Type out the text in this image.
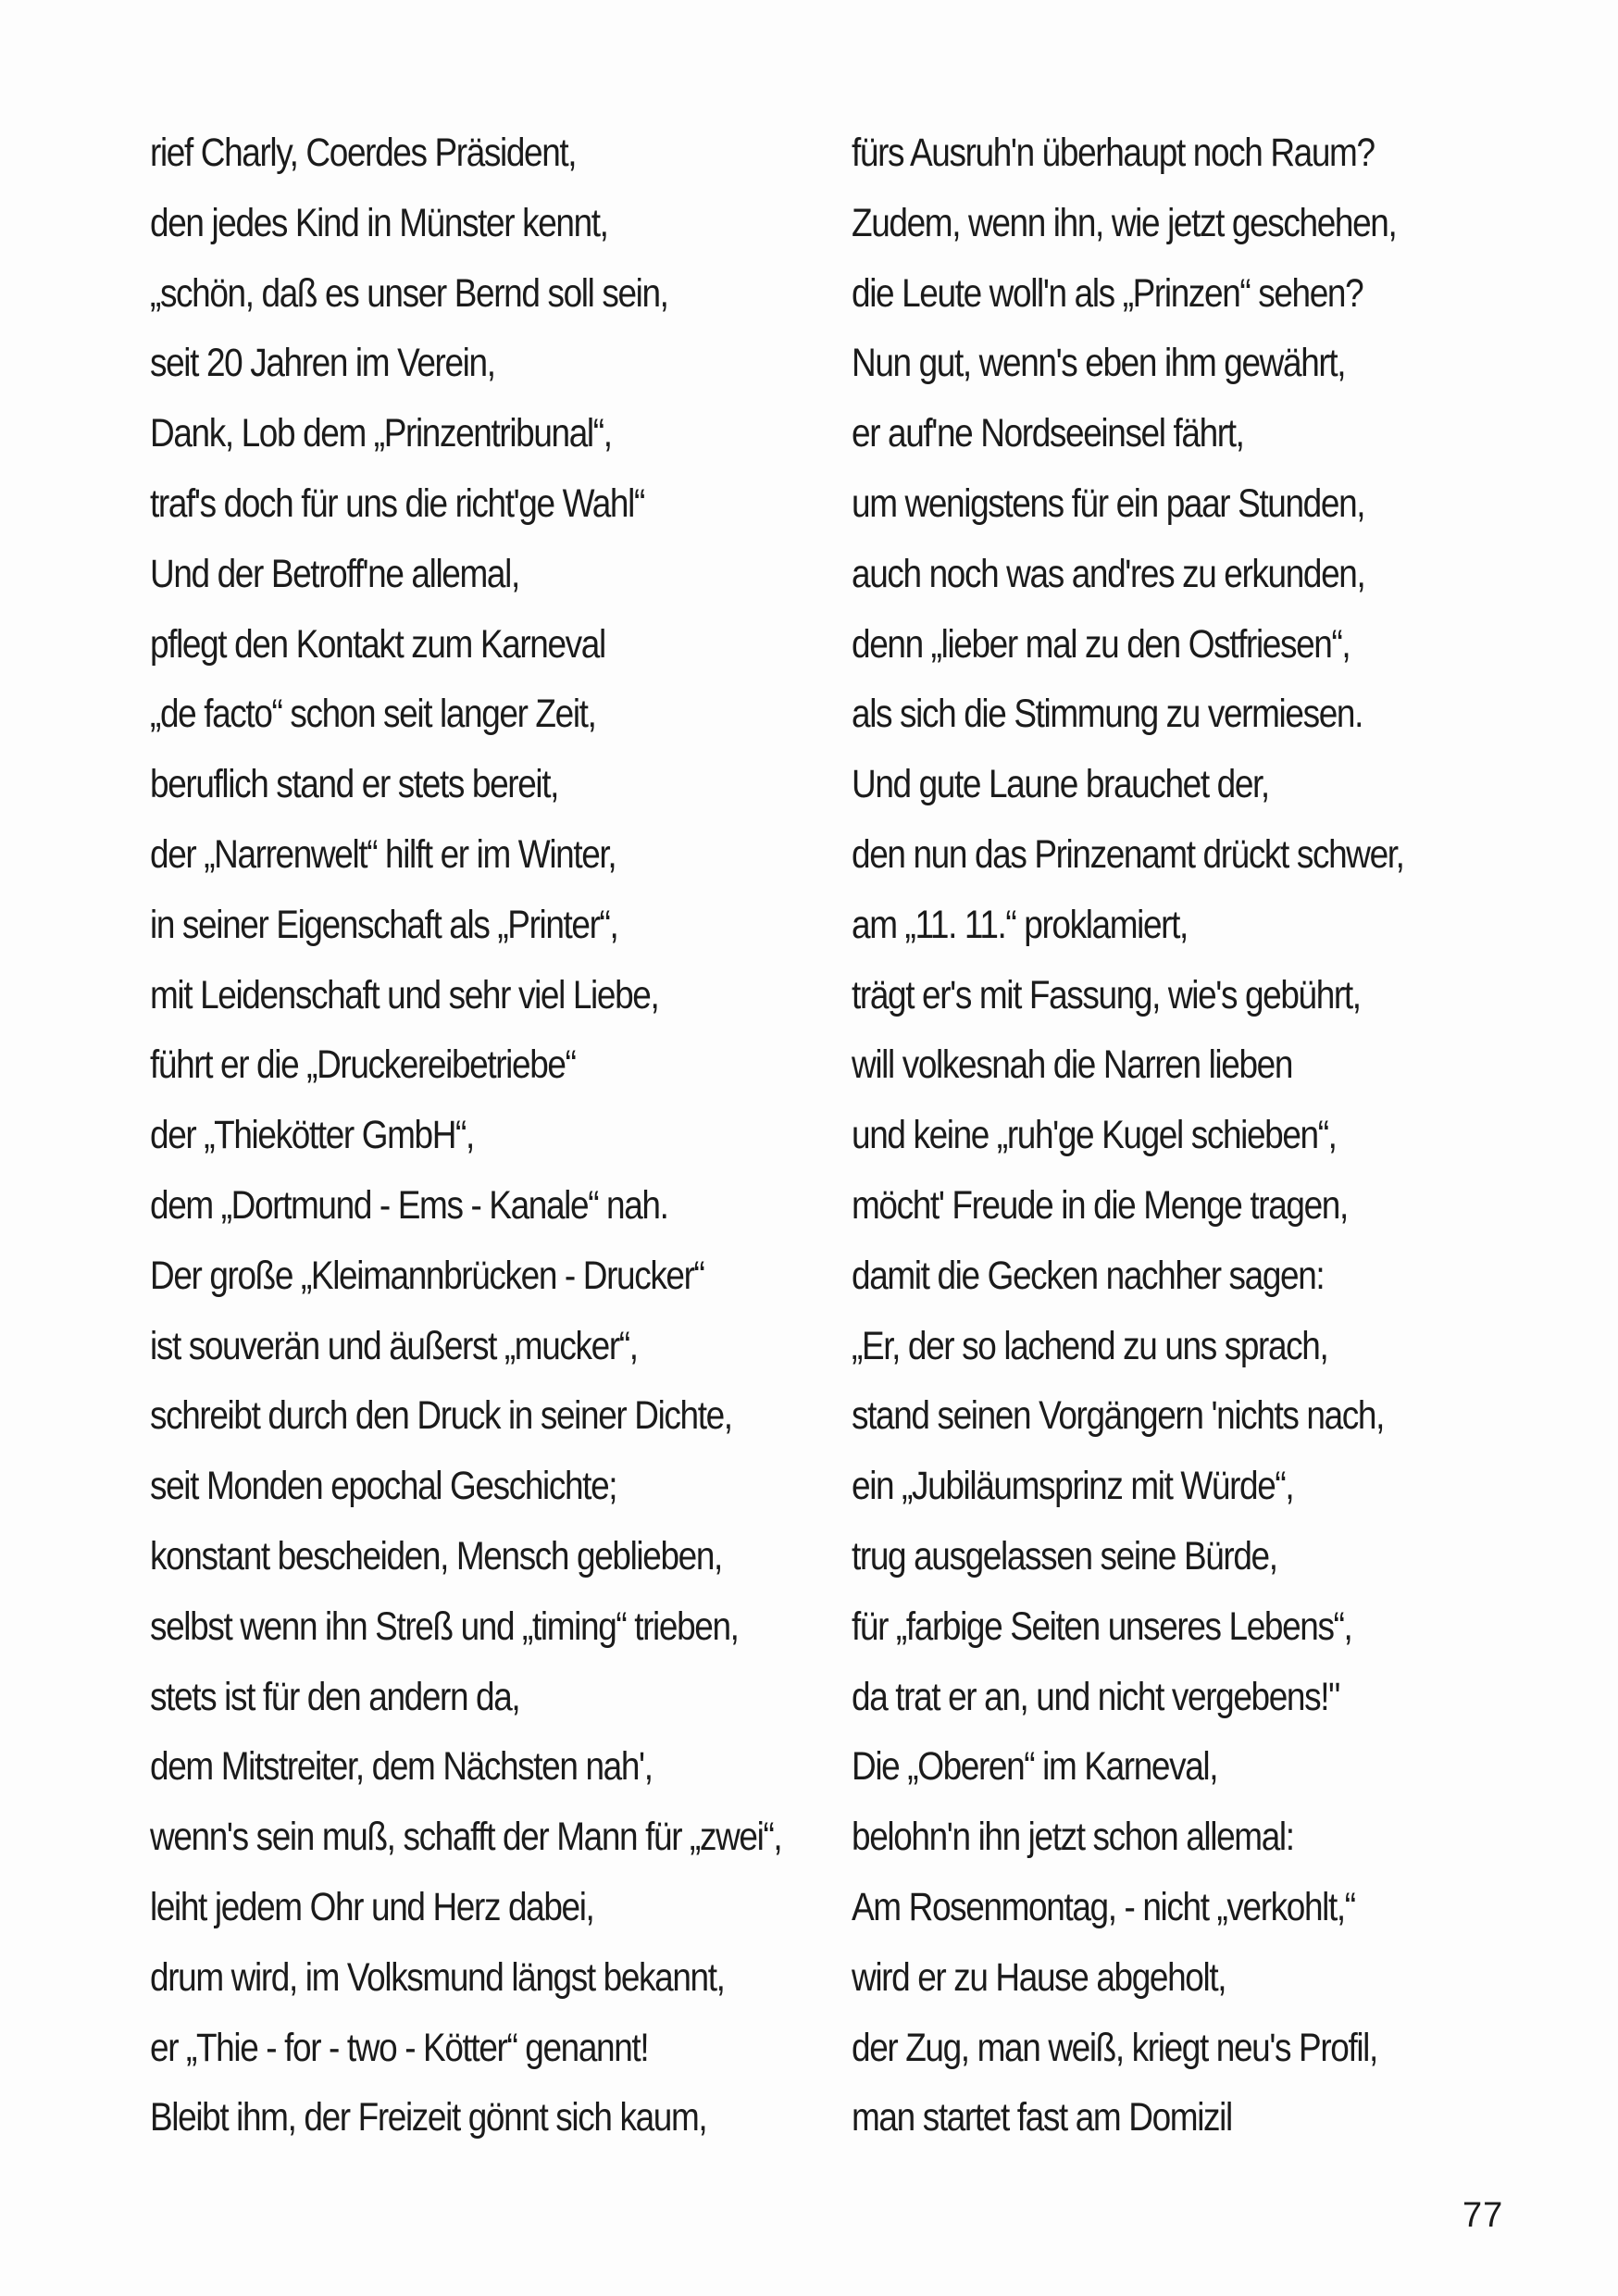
rief Charly, Coerdes Präsident,
den jedes Kind in Münster kennt,
„schön, daß es unser Bernd soll sein,
seit 20 Jahren im Verein,
Dank, Lob dem „Prinzentribunal“,
traf's doch für uns die richt'ge Wahl“
Und der Betroff'ne allemal,
pflegt den Kontakt zum Karneval
„de facto“ schon seit langer Zeit,
beruflich stand er stets bereit,
der „Narrenwelt“ hilft er im Winter,
in seiner Eigenschaft als „Printer“,
mit Leidenschaft und sehr viel Liebe,
führt er die „Druckereibetriebe“
der „Thiekötter GmbH“,
dem „Dortmund - Ems - Kanale“ nah.
Der große „Kleimannbrücken - Drucker“
ist souverän und äußerst „mucker“,
schreibt durch den Druck in seiner Dichte,
seit Monden epochal Geschichte;
konstant bescheiden, Mensch geblieben,
selbst wenn ihn Streß und „timing“ trieben,
stets ist für den andern da,
dem Mitstreiter, dem Nächsten nah',
wenn's sein muß, schafft der Mann für „zwei“,
leiht jedem Ohr und Herz dabei,
drum wird, im Volksmund längst bekannt,
er „Thie - for - two - Kötter“ genannt!
Bleibt ihm, der Freizeit gönnt sich kaum,
fürs Ausruh'n überhaupt noch Raum?
Zudem, wenn ihn, wie jetzt geschehen,
die Leute woll'n als „Prinzen“ sehen?
Nun gut, wenn's eben ihm gewährt,
er auf'ne Nordseeinsel fährt,
um wenigstens für ein paar Stunden,
auch noch was and'res zu erkunden,
denn „lieber mal zu den Ostfriesen“,
als sich die Stimmung zu vermiesen.
Und gute Laune brauchet der,
den nun das Prinzenamt drückt schwer,
am „11. 11.“ proklamiert,
trägt er's mit Fassung, wie's gebührt,
will volkesnah die Narren lieben
und keine „ruh'ge Kugel schieben“,
möcht' Freude in die Menge tragen,
damit die Gecken nachher sagen:
„Er, der so lachend zu uns sprach,
stand seinen Vorgängern 'nichts nach,
ein „Jubiläumsprinz mit Würde“,
trug ausgelassen seine Bürde,
für „farbige Seiten unseres Lebens“,
da trat er an, und nicht vergebens!"
Die „Oberen“ im Karneval,
belohn'n ihn jetzt schon allemal:
Am Rosenmontag, - nicht „verkohlt,“
wird er zu Hause abgeholt,
der Zug, man weiß, kriegt neu's Profil,
man startet fast am Domizil
77
